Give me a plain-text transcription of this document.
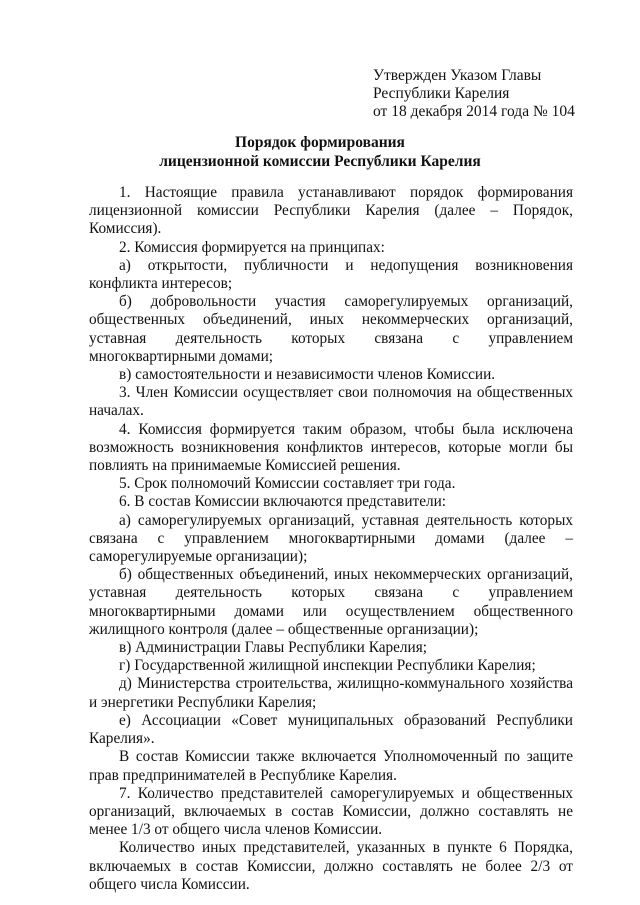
Утвержден Указом Главы
Республики Карелия
от 18 декабря 2014 года № 104
Порядок формирования
лицензионной комиссии Республики Карелия

1. Настоящие правила устанавливают порядок формирования лицензионной комиссии Республики Карелия (далее – Порядок, Комиссия).

2. Комиссия формируется на принципах:

а) открытости, публичности и недопущения возникновения конфликта интересов;

б) добровольности участия саморегулируемых организаций, общественных объединений, иных некоммерческих организаций, уставная деятельность которых связана с управлением многоквартирными домами;

в) самостоятельности и независимости членов Комиссии.

3. Член Комиссии осуществляет свои полномочия на общественных началах.

4. Комиссия формируется таким образом, чтобы была исключена возможность возникновения конфликтов интересов, которые могли бы повлиять на принимаемые Комиссией решения.

5. Срок полномочий Комиссии составляет три года.

6. В состав Комиссии включаются представители:

а) саморегулируемых организаций, уставная деятельность которых связана с управлением многоквартирными домами (далее – саморегулируемые организации);

б) общественных объединений, иных некоммерческих организаций, уставная деятельность которых связана с управлением многоквартирными домами или осуществлением общественного жилищного контроля (далее – общественные организации);

в) Администрации Главы Республики Карелия;

г) Государственной жилищной инспекции Республики Карелия;

д) Министерства строительства, жилищно-коммунального хозяйства и энергетики Республики Карелия;

е) Ассоциации «Совет муниципальных образований Республики Карелия».

В состав Комиссии также включается Уполномоченный по защите прав предпринимателей в Республике Карелия.

7. Количество представителей саморегулируемых и общественных организаций, включаемых в состав Комиссии, должно составлять не менее 1/3 от общего числа членов Комиссии.

Количество иных представителей, указанных в пункте 6 Порядка, включаемых в состав Комиссии, должно составлять не более 2/3 от общего числа Комиссии.
